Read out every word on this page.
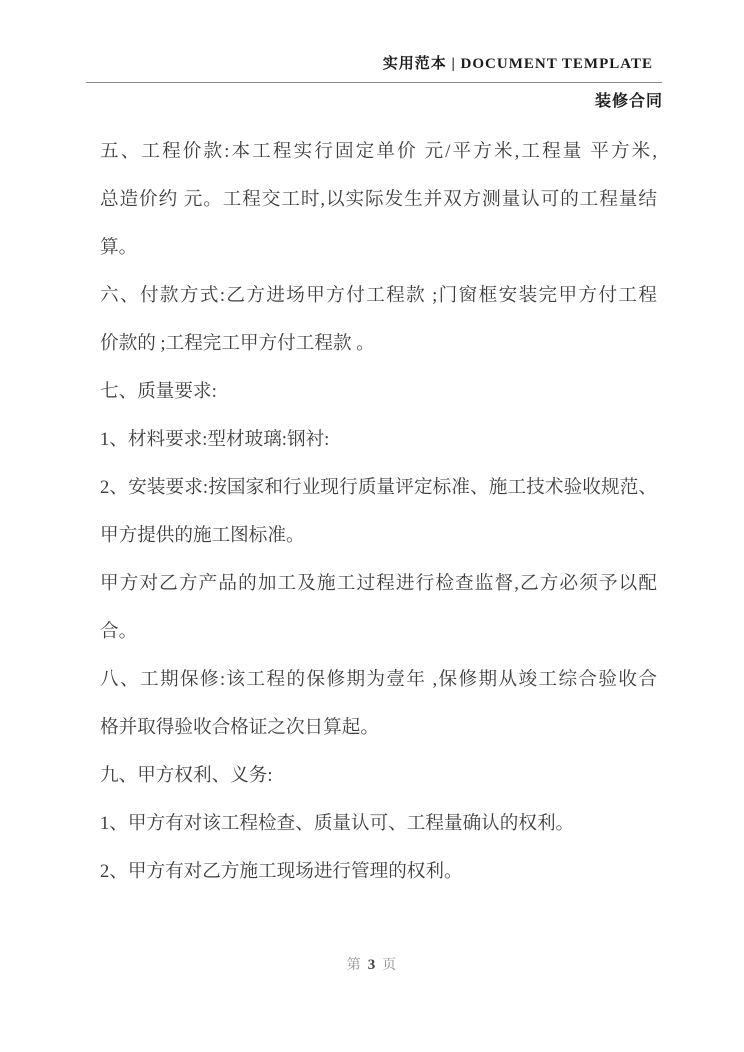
实用范本 | DOCUMENT TEMPLATE
装修合同
五、工程价款:本工程实行固定单价 元/平方米,工程量 平方米,
总造价约 元。工程交工时,以实际发生并双方测量认可的工程量结
算。
六、付款方式:乙方进场甲方付工程款 ;门窗框安装完甲方付工程
价款的 ;工程完工甲方付工程款 。
七、质量要求:
1、材料要求:型材玻璃:钢衬:
2、安装要求:按国家和行业现行质量评定标准、施工技术验收规范、
甲方提供的施工图标准。
甲方对乙方产品的加工及施工过程进行检查监督,乙方必须予以配
合。
八、工期保修:该工程的保修期为壹年 ,保修期从竣工综合验收合
格并取得验收合格证之次日算起。
九、甲方权利、义务:
1、甲方有对该工程检查、质量认可、工程量确认的权利。
2、甲方有对乙方施工现场进行管理的权利。
第 3 页
